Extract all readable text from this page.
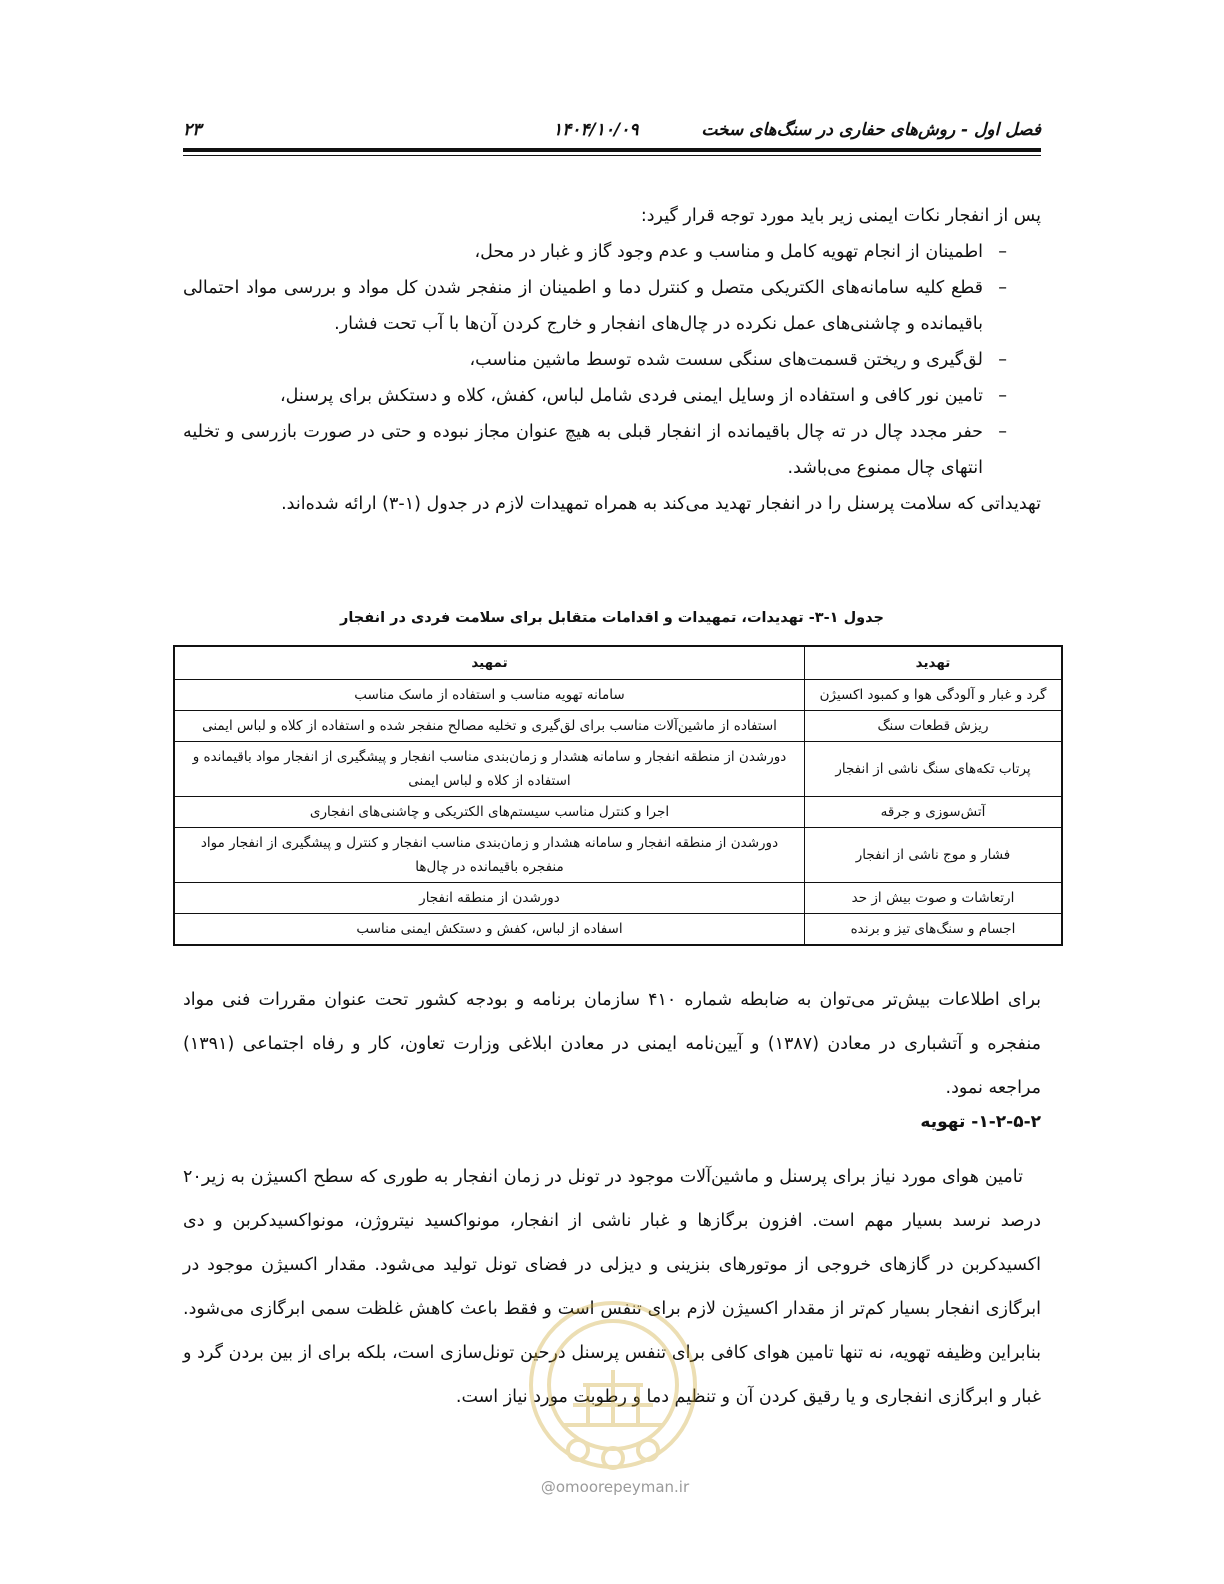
فصل اول - روش‌های حفاری در سنگ‌های سخت
۱۴۰۴/۱۰/۰۹
۲۳

پس از انفجار نکات ایمنی زیر باید مورد توجه قرار گیرد:

–
اطمینان از انجام تهویه کامل و مناسب و عدم وجود گاز و غبار در محل،
–
قطع کلیه سامانه‌های الکتریکی متصل و کنترل دما و اطمینان از منفجر شدن کل مواد و بررسی مواد احتمالی باقیمانده و چاشنی‌های عمل نکرده در چال‌های انفجار و خارج کردن آن‌ها با آب تحت فشار.
–
لق‌گیری و ریختن قسمت‌های سنگی سست شده توسط ماشین مناسب،
–
تامین نور کافی و استفاده از وسایل ایمنی فردی شامل لباس، کفش، کلاه و دستکش برای پرسنل،
–
حفر مجدد چال در ته چال باقیمانده از انفجار قبلی به هیچ عنوان مجاز نبوده و حتی در صورت بازرسی و تخلیه انتهای چال ممنوع می‌باشد.

تهدیداتی که سلامت پرسنل را در انفجار تهدید می‌کند به همراه تمهیدات لازم در جدول (۱-۳) ارائه شده‌اند.

جدول ۱-۳- تهدیدات، تمهیدات و اقدامات متقابل برای سلامت فردی در انفجار
تهدید	تمهید
گرد و غبار و آلودگی هوا و کمبود اکسیژن	سامانه تهویه مناسب و استفاده از ماسک مناسب
ریزش قطعات سنگ	استفاده از ماشین‌آلات مناسب برای لق‌گیری و تخلیه مصالح منفجر شده و استفاده از کلاه و لباس ایمنی
پرتاب تکه‌های سنگ ناشی از انفجار	دورشدن از منطقه انفجار و سامانه هشدار و زمان‌بندی مناسب انفجار و پیشگیری از انفجار مواد باقیمانده و استفاده از کلاه و لباس ایمنی
آتش‌سوزی و جرقه	اجرا و کنترل مناسب سیستم‌های الکتریکی و چاشنی‌های انفجاری
فشار و موج ناشی از انفجار	دورشدن از منطقه انفجار و سامانه هشدار و زمان‌بندی مناسب انفجار و کنترل و پیشگیری از انفجار مواد منفجره باقیمانده در چال‌ها
ارتعاشات و صوت بیش از حد	دورشدن از منطقه انفجار
اجسام و سنگ‌های تیز و برنده	اسفاده از لباس، کفش و دستکش ایمنی مناسب

برای اطلاعات بیش‌تر می‌توان به ضابطه شماره ۴۱۰ سازمان برنامه و بودجه کشور تحت عنوان مقررات فنی مواد منفجره و آتشباری در معادن (۱۳۸۷) و آیین‌نامه ایمنی در معادن ابلاغی وزارت تعاون، کار و رفاه اجتماعی (۱۳۹۱) مراجعه نمود.

۱-۲-۵-۲- تهویه

تامین هوای مورد نیاز برای پرسنل و ماشین‌آلات موجود در تونل در زمان انفجار به طوری که سطح اکسیژن به زیر۲۰ درصد نرسد بسیار مهم است. افزون برگازها و غبار ناشی از انفجار، مونواکسید نیتروژن، مونواکسیدکربن و دی اکسیدکربن در گازهای خروجی از موتورهای بنزینی و دیزلی در فضای تونل تولید می‌شود. مقدار اکسیژن موجود در ابرگازی انفجار بسیار کم‌تر از مقدار اکسیژن لازم برای تنفس است و فقط باعث کاهش غلظت سمی ابرگازی می‌شود. بنابراین وظیفه تهویه، نه تنها تامین هوای کافی برای تنفس پرسنل درحین تونل‌سازی است، بلکه برای از بین بردن گرد و غبار و ابرگازی انفجاری و یا رقیق کردن آن و تنظیم دما و رطوبت مورد نیاز است.

@omoorepeyman.ir
